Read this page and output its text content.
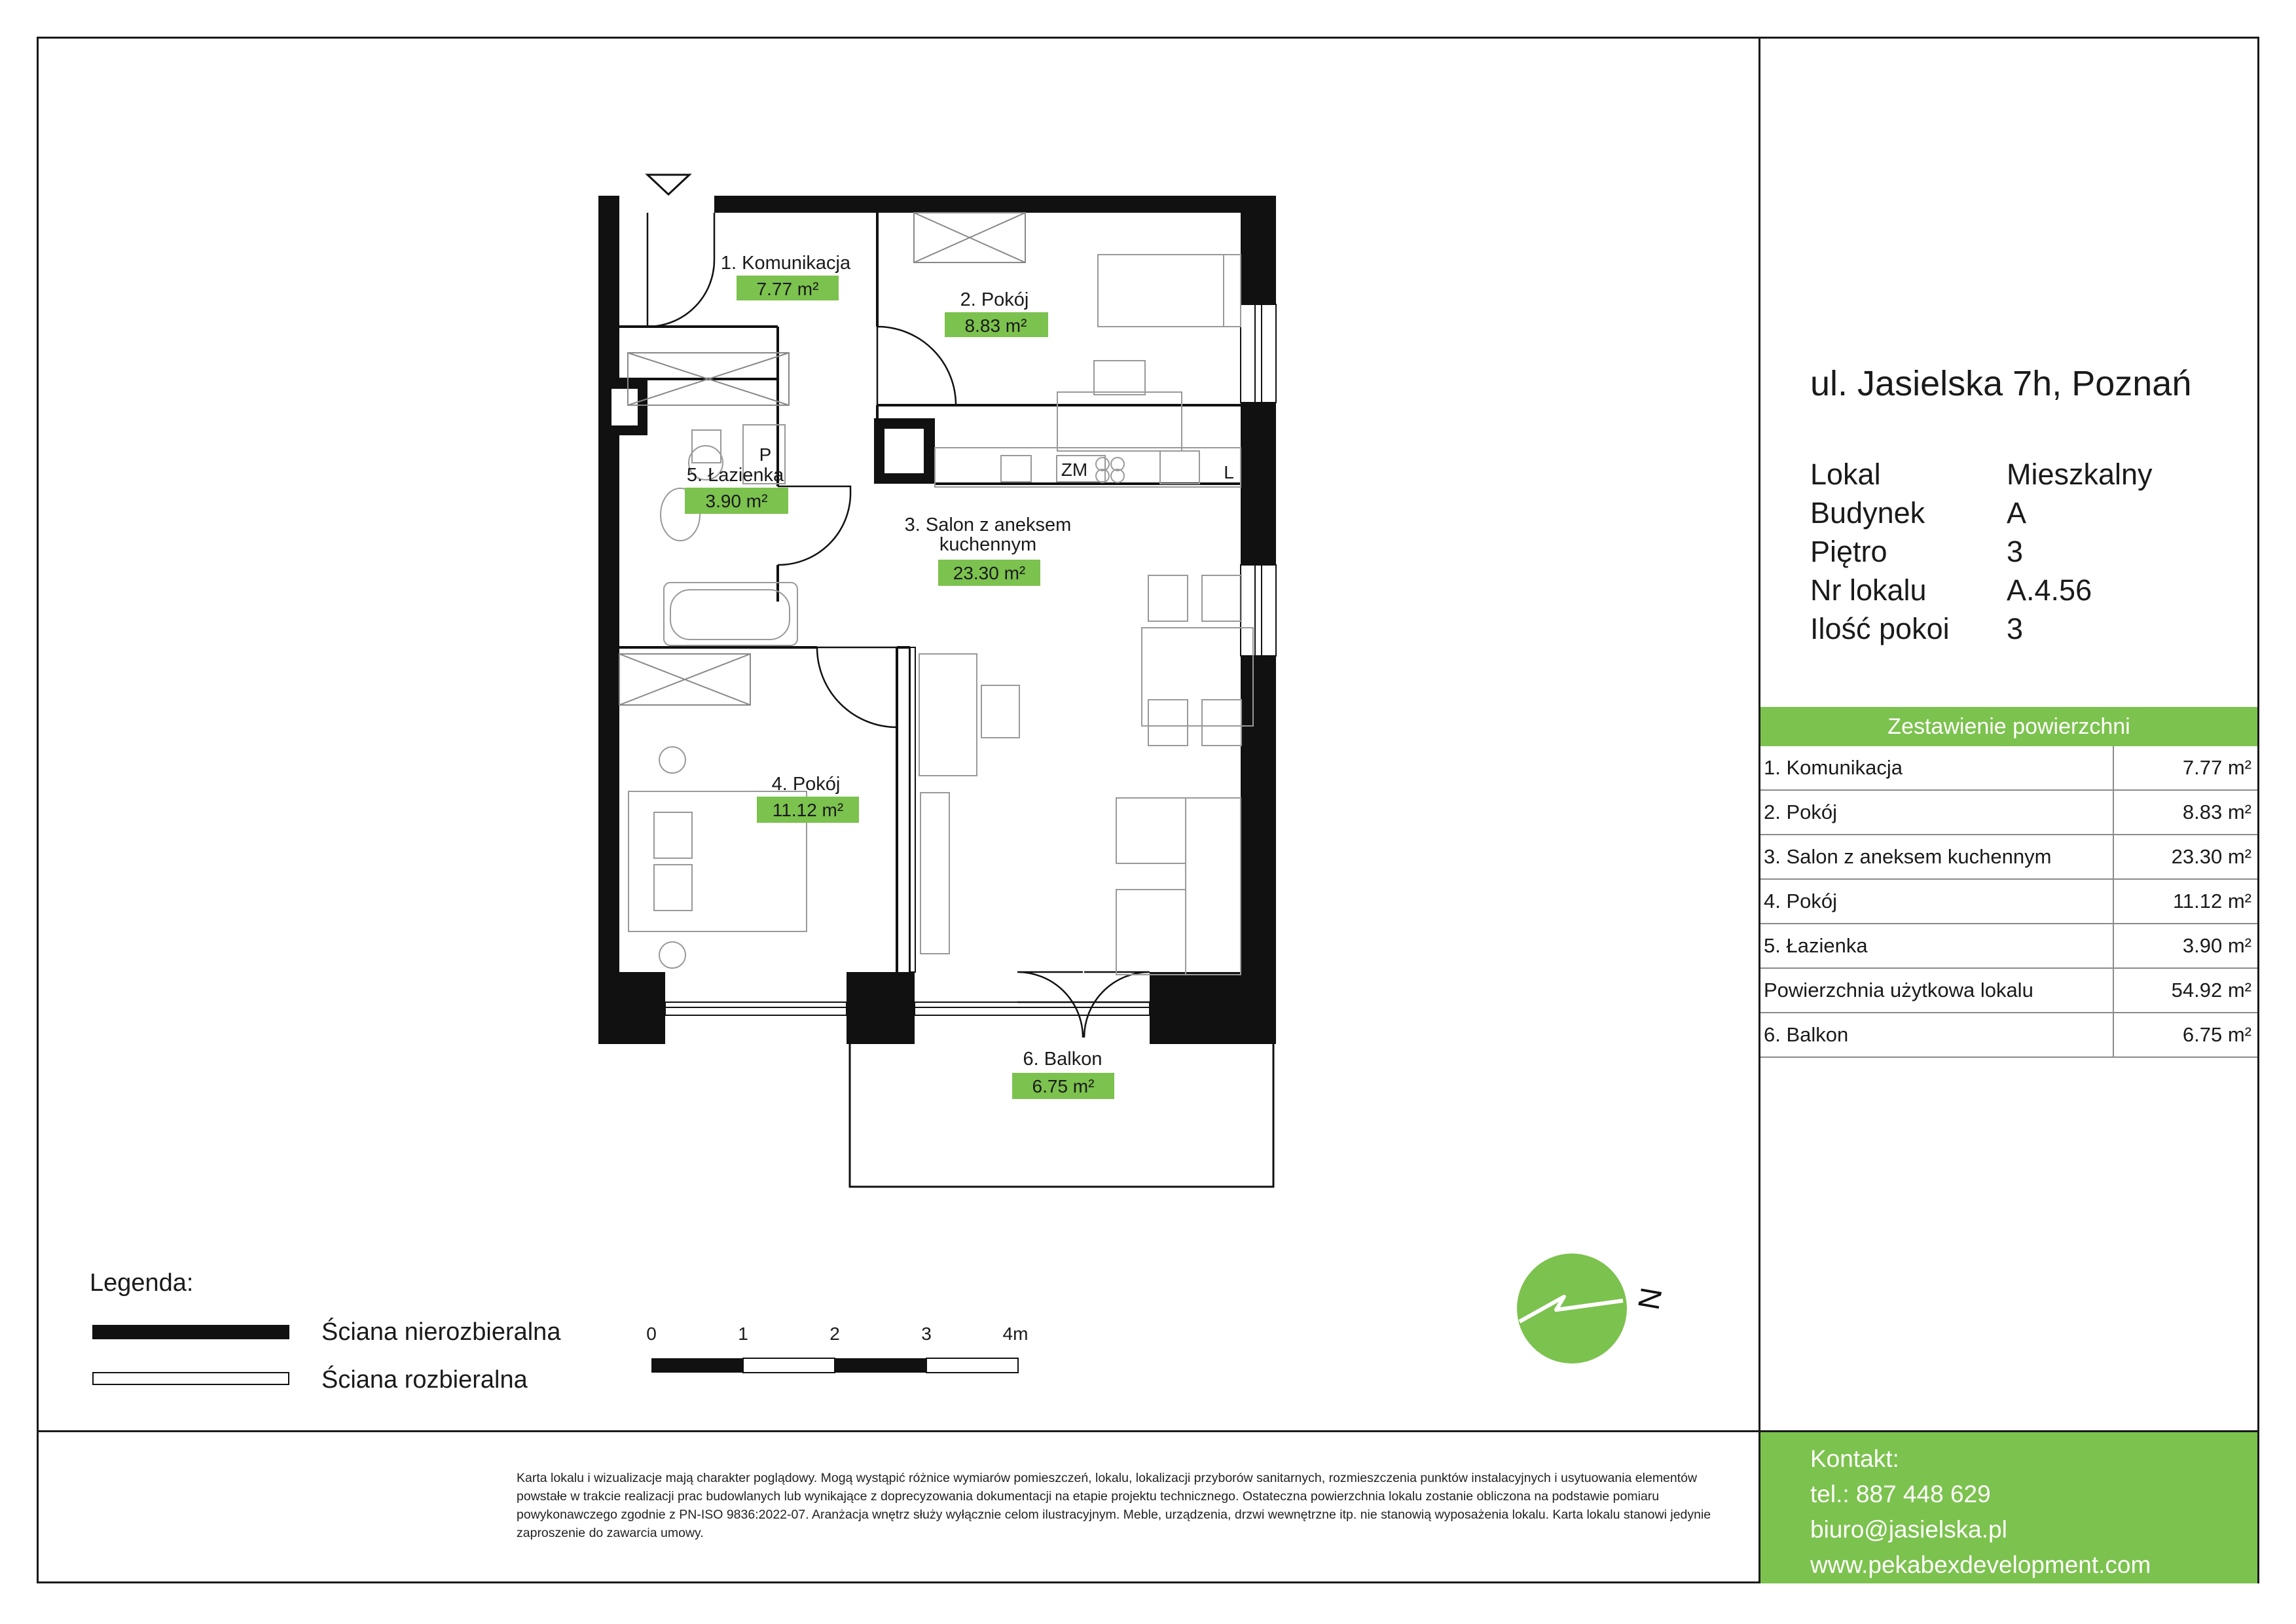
P
ZM	L
1. Komunikacja
7.77 m²
2. Pokój
8.83 m²
3. Salon z aneksem
kuchennym
23.30 m²
4. Pokój
11.12 m²
5. Łazienka
3.90 m²
6. Balkon
6.75 m²
0	1	2	3	4m
N
Legenda:
Ściana nierozbieralna
Ściana rozbieralna
ul. Jasielska 7h, Poznań
Lokal	Mieszkalny
Budynek	A
Piętro	3
Nr lokalu	A.4.56
Ilość pokoi	3
Zestawienie powierzchni
1. Komunikacja	7.77 m²
2. Pokój	8.83 m²
3. Salon z aneksem kuchennym	23.30 m²
4. Pokój	11.12 m²
5. Łazienka	3.90 m²
Powierzchnia użytkowa lokalu	54.92 m²
6. Balkon	6.75 m²
Karta lokalu i wizualizacje mają charakter poglądowy. Mogą wystąpić różnice wymiarów pomieszczeń, lokalu, lokalizacji przyborów sanitarnych, rozmieszczenia punktów instalacyjnych i usytuowania elementów powstałe w trakcie realizacji prac budowlanych lub wynikające z doprecyzowania dokumentacji na etapie projektu technicznego. Ostateczna powierzchnia lokalu zostanie obliczona na podstawie pomiaru powykonawczego zgodnie z PN-ISO 9836:2022-07. Aranżacja wnętrz służy wyłącznie celom ilustracyjnym. Meble, urządzenia, drzwi wewnętrzne itp. nie stanowią wyposażenia lokalu. Karta lokalu stanowi jedynie zaproszenie do zawarcia umowy.
Kontakt:
tel.: 887 448 629
biuro@jasielska.pl
www.pekabexdevelopment.com
